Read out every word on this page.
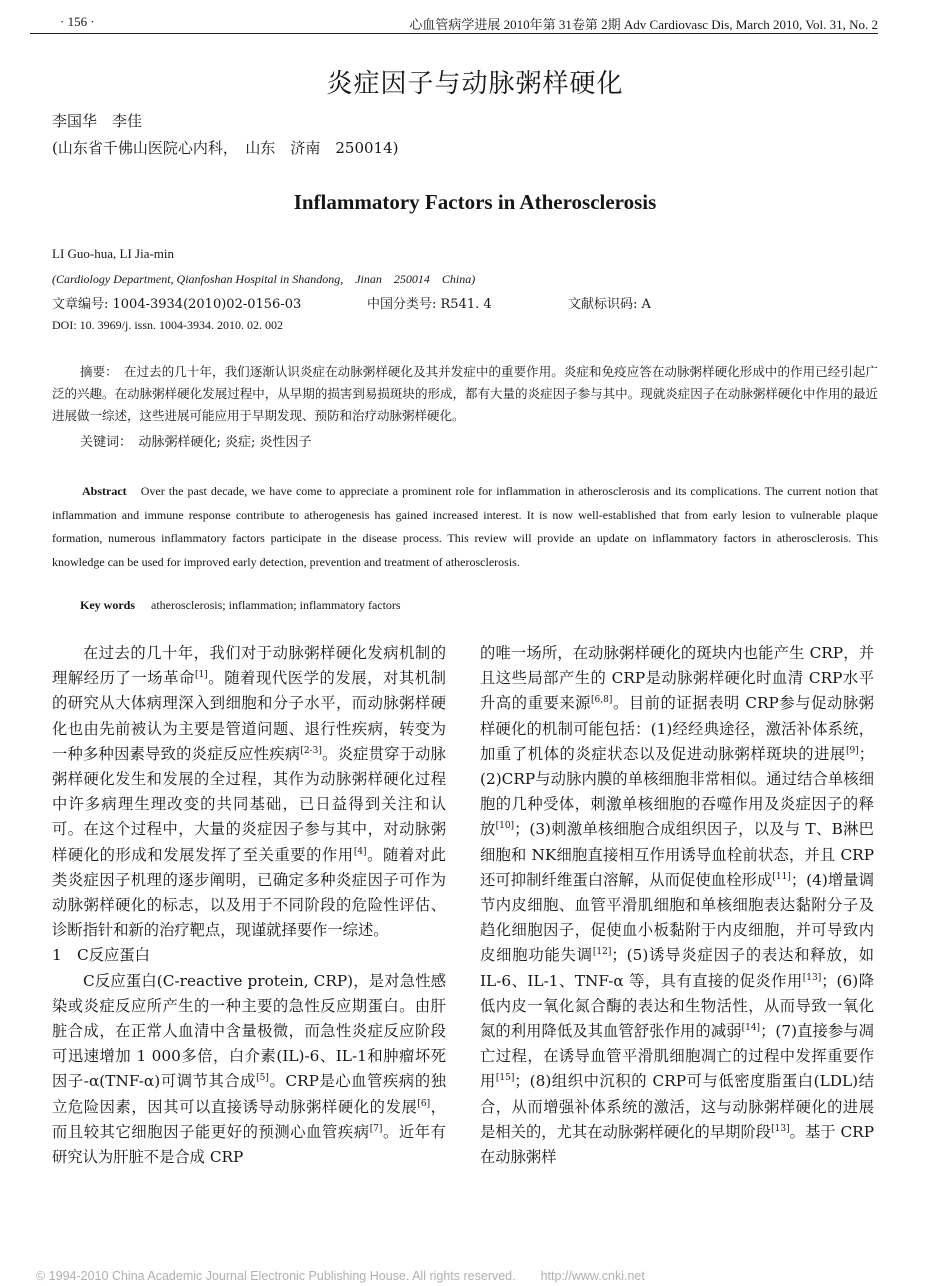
· 156 ·	心血管病学进展 2010年第 31卷第 2期 Adv Cardiovasc Dis, March 2010, Vol. 31, No. 2
炎症因子与动脉粥样硬化
李国华　李佳
(山东省千佛山医院心内科，　山东　济南　250014)
Inflammatory Factors in Atherosclerosis
LI Guo-hua, LI Jia-min
(Cardiology Department, Qianfoshan Hospital in Shandong,　Jinan　250014　China)
文章编号: 1004-3934(2010)02-0156-03	中国分类号: R541. 4	文献标识码: A
DOI: 10. 3969/j. issn. 1004-3934. 2010. 02. 002
摘要：　 在过去的几十年，我们逐渐认识炎症在动脉粥样硬化及其并发症中的重要作用。炎症和免疫应答在动脉粥样硬化形成中的作用已经引起广泛的兴趣。在动脉粥样硬化发展过程中，从早期的损害到易损斑块的形成，都有大量的炎症因子参与其中。现就炎症因子在动脉粥样硬化中作用的最近进展做一综述，这些进展可能应用于早期发现、预防和治疗动脉粥样硬化。
关键词：　 动脉粥样硬化; 炎症; 炎性因子
Abstract　 Over the past decade, we have come to appreciate a prominent role for inflammation in atherosclerosis and its complications. The current notion that inflammation and immune response contribute to atherogenesis has gained increased interest. It is now well-established that from early lesion to vulnerable plaque formation, numerous inflammatory factors participate in the disease process. This review will provide an update on inflammatory factors in atherosclerosis. This knowledge can be used for improved early detection, prevention and treatment of atherosclerosis.
Key words atherosclerosis; inflammation; inflammatory factors

在过去的几十年，我们对于动脉粥样硬化发病机制的理解经历了一场革命[1]。随着现代医学的发展，对其机制的研究从大体病理深入到细胞和分子水平，而动脉粥样硬化也由先前被认为主要是管道问题、退行性疾病，转变为一种多种因素导致的炎症反应性疾病[2-3]。炎症贯穿于动脉粥样硬化发生和发展的全过程，其作为动脉粥样硬化过程中许多病理生理改变的共同基础，已日益得到关注和认可。在这个过程中，大量的炎症因子参与其中，对动脉粥样硬化的形成和发展发挥了至关重要的作用[4]。随着对此类炎症因子机理的逐步阐明，已确定多种炎症因子可作为动脉粥样硬化的标志，以及用于不同阶段的危险性评估、诊断指针和新的治疗靶点，现谨就择要作一综述。

1　C反应蛋白

C反应蛋白(C-reactive protein, CRP)，是对急性感染或炎症反应所产生的一种主要的急性反应期蛋白。由肝脏合成，在正常人血清中含量极微，而急性炎症反应阶段可迅速增加 1 000多倍，白介素(IL)-6、IL-1和肿瘤坏死因子-α(TNF-α)可调节其合成[5]。CRP是心血管疾病的独立危险因素，因其可以直接诱导动脉粥样硬化的发展[6]，而且较其它细胞因子能更好的预测心血管疾病[7]。近年有研究认为肝脏不是合成 CRP

的唯一场所，在动脉粥样硬化的斑块内也能产生 CRP，并且这些局部产生的 CRP是动脉粥样硬化时血清 CRP水平升高的重要来源[6,8]。目前的证据表明 CRP参与促动脉粥样硬化的机制可能包括：(1)经经典途径，激活补体系统，加重了机体的炎症状态以及促进动脉粥样斑块的进展[9]；(2)CRP与动脉内膜的单核细胞非常相似。通过结合单核细胞的几种受体，刺激单核细胞的吞噬作用及炎症因子的释放[10]；(3)刺激单核细胞合成组织因子，以及与 T、B淋巴细胞和 NK细胞直接相互作用诱导血栓前状态，并且 CRP还可抑制纤维蛋白溶解，从而促使血栓形成[11]；(4)增量调节内皮细胞、血管平滑肌细胞和单核细胞表达黏附分子及趋化细胞因子，促使血小板黏附于内皮细胞，并可导致内皮细胞功能失调[12]；(5)诱导炎症因子的表达和释放，如 IL-6、IL-1、TNF-α 等，具有直接的促炎作用[13]；(6)降低内皮一氧化氮合酶的表达和生物活性，从而导致一氧化氮的利用降低及其血管舒张作用的减弱[14]；(7)直接参与凋亡过程，在诱导血管平滑肌细胞凋亡的过程中发挥重要作用[15]；(8)组织中沉积的 CRP可与低密度脂蛋白(LDL)结合，从而增强补体系统的激活，这与动脉粥样硬化的进展是相关的，尤其在动脉粥样硬化的早期阶段[13]。基于 CRP在动脉粥样

© 1994-2010 China Academic Journal Electronic Publishing House. All rights reserved.　　http://www.cnki.net
